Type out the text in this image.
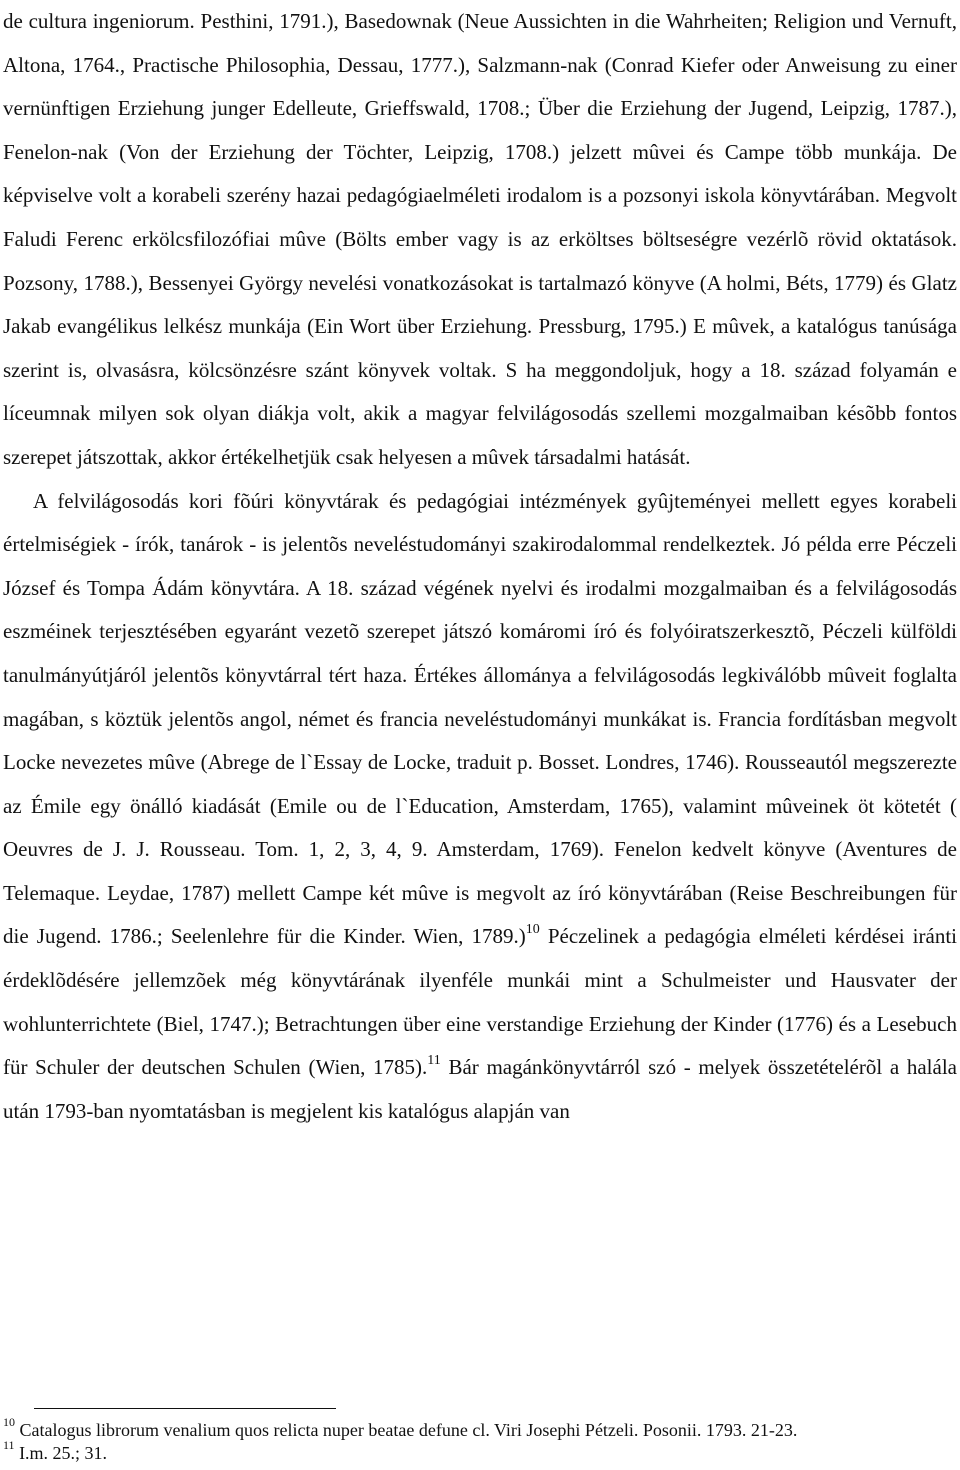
de cultura ingeniorum. Pesthini, 1791.), Basedownak (Neue Aussichten in die Wahrheiten; Religion und Vernuft, Altona, 1764., Practische Philosophia, Dessau, 1777.), Salzmann-nak (Conrad Kiefer oder Anweisung zu einer vernünftigen Erziehung junger Edelleute, Grieffswald, 1708.; Über die Erziehung der Jugend, Leipzig, 1787.), Fenelon-nak (Von der Erziehung der Töchter, Leipzig, 1708.) jelzett mûvei és Campe több munkája. De képviselve volt a korabeli szerény hazai pedagógiaelméleti irodalom is a pozsonyi iskola könyvtárában. Megvolt Faludi Ferenc erkölcsfilozófiai mûve (Bölts ember vagy is az erköltses böltseségre vezérlõ rövid oktatások. Pozsony, 1788.), Bessenyei György nevelési vonatkozásokat is tartalmazó könyve (A holmi, Béts, 1779) és Glatz Jakab evangélikus lelkész munkája (Ein Wort über Erziehung. Pressburg, 1795.) E mûvek, a katalógus tanúsága szerint is, olvasásra, kölcsönzésre szánt könyvek voltak. S ha meggondoljuk, hogy a 18. század folyamán e líceumnak milyen sok olyan diákja volt, akik a magyar felvilágosodás szellemi mozgalmaiban késõbb fontos szerepet játszottak, akkor értékelhetjük csak helyesen a mûvek társadalmi hatását.

A felvilágosodás kori fõúri könyvtárak és pedagógiai intézmények gyûjteményei mellett egyes korabeli értelmiségiek - írók, tanárok - is jelentõs neveléstudományi szakirodalommal rendelkeztek. Jó példa erre Péczeli József és Tompa Ádám könyvtára. A 18. század végének nyelvi és irodalmi mozgalmaiban és a felvilágosodás eszméinek terjesztésében egyaránt vezetõ szerepet játszó komáromi író és folyóiratszerkesztõ, Péczeli külföldi tanulmányútjáról jelentõs könyvtárral tért haza. Értékes állománya a felvilágosodás legkiválóbb mûveit foglalta magában, s köztük jelentõs angol, német és francia neveléstudományi munkákat is. Francia fordításban megvolt Locke nevezetes mûve (Abrege de l`Essay de Locke, traduit p. Bosset. Londres, 1746). Rousseautól megszerezte az Émile egy önálló kiadását (Emile ou de l`Education, Amsterdam, 1765), valamint mûveinek öt kötetét ( Oeuvres de J. J. Rousseau. Tom. 1, 2, 3, 4, 9. Amsterdam, 1769). Fenelon kedvelt könyve (Aventures de Telemaque. Leydae, 1787) mellett Campe két mûve is megvolt az író könyvtárában (Reise Beschreibungen für die Jugend. 1786.; Seelenlehre für die Kinder. Wien, 1789.)$^{10}$ Péczelinek a pedagógia elméleti kérdései iránti érdeklõdésére jellemzõek még könyvtárának ilyenféle munkái mint a Schulmeister und Hausvater der wohlunterrichtete (Biel, 1747.); Betrachtungen über eine verstandige Erziehung der Kinder (1776) és a Lesebuch für Schuler der deutschen Schulen (Wien, 1785).$^{11}$ Bár magánkönyvtárról szó - melyek összetételérõl a halála után 1793-ban nyomtatásban is megjelent kis katalógus alapján van

$^{10}$ Catalogus librorum venalium quos relicta nuper beatae defune cl. Viri Josephi Pétzeli. Posonii. 1793. 21-23.

$^{11}$ I.m. 25.; 31.
